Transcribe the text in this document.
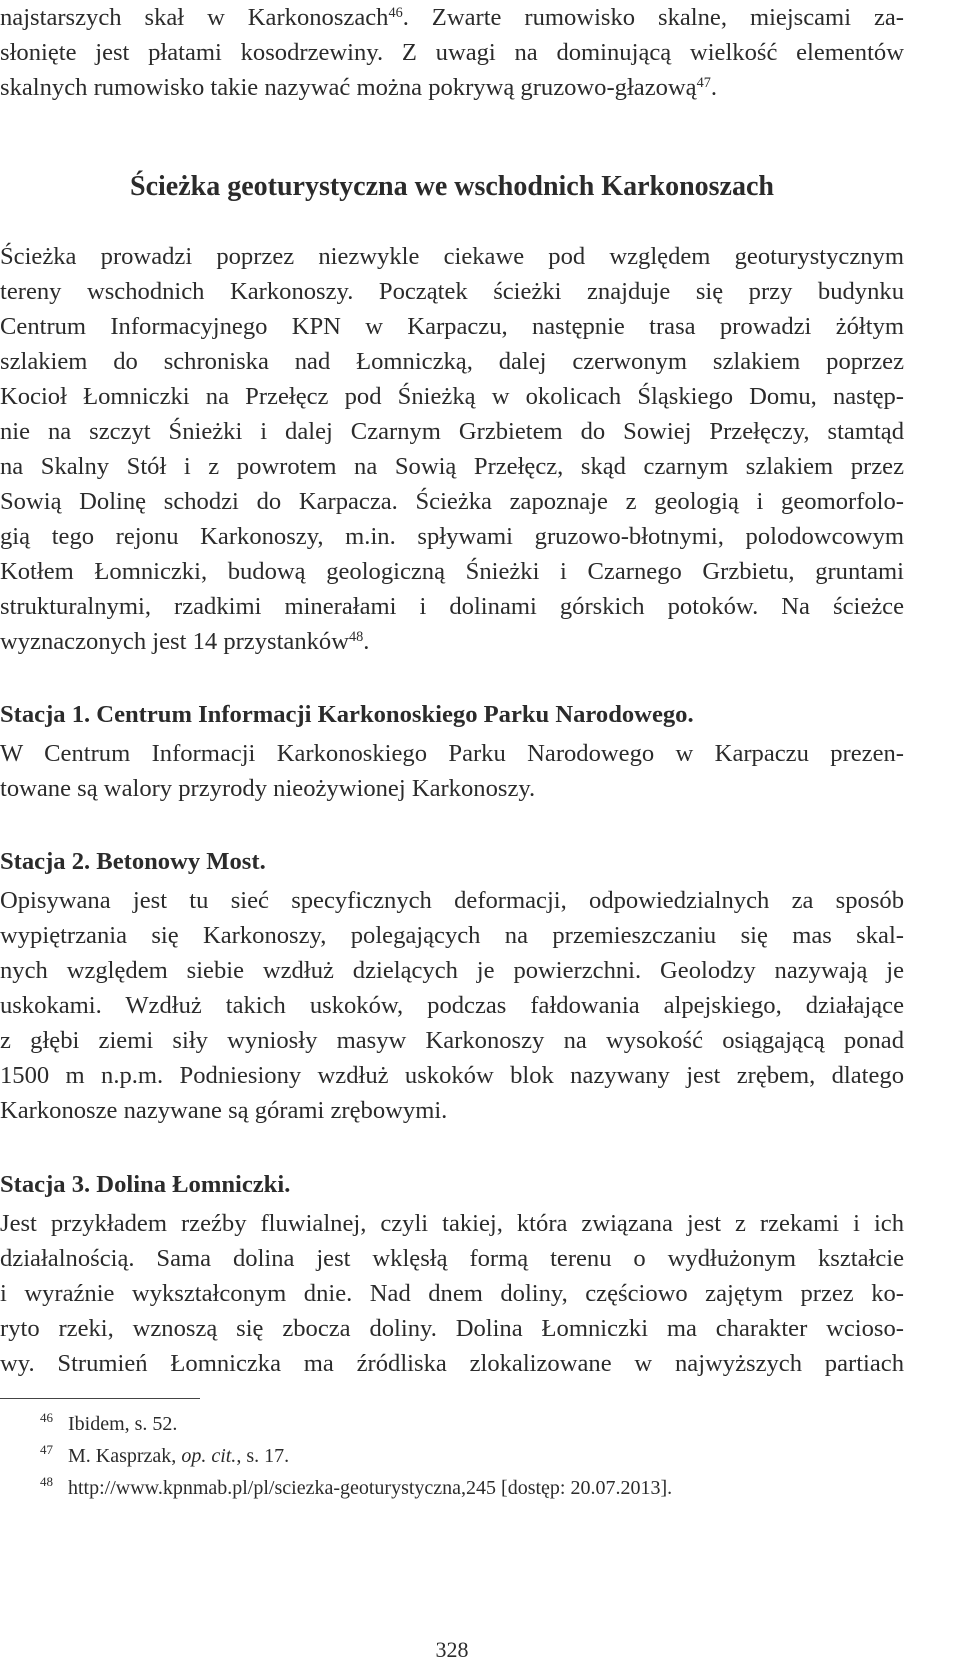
najstarszych skał w Karkonoszach$^{46}$. Zwarte rumowisko skalne, miejscami za-
słonięte jest płatami kosodrzewiny. Z uwagi na dominującą wielkość elementów
skalnych rumowisko takie nazywać można pokrywą gruzowo-głazową$^{47}$.
Ścieżka geoturystyczna we wschodnich Karkonoszach
Ścieżka prowadzi poprzez niezwykle ciekawe pod względem geoturystycznym
tereny wschodnich Karkonoszy. Początek ścieżki znajduje się przy budynku
Centrum Informacyjnego KPN w Karpaczu, następnie trasa prowadzi żółtym
szlakiem do schroniska nad Łomniczką, dalej czerwonym szlakiem poprzez
Kocioł Łomniczki na Przełęcz pod Śnieżką w okolicach Śląskiego Domu, następ-
nie na szczyt Śnieżki i dalej Czarnym Grzbietem do Sowiej Przełęczy, stamtąd
na Skalny Stół i z powrotem na Sowią Przełęcz, skąd czarnym szlakiem przez
Sowią Dolinę schodzi do Karpacza. Ścieżka zapoznaje z geologią i geomorfolo-
gią tego rejonu Karkonoszy, m.in. spływami gruzowo-błotnymi, polodowcowym
Kotłem Łomniczki, budową geologiczną Śnieżki i Czarnego Grzbietu, gruntami
strukturalnymi, rzadkimi minerałami i dolinami górskich potoków. Na ścieżce
wyznaczonych jest 14 przystanków$^{48}$.
Stacja 1. Centrum Informacji Karkonoskiego Parku Narodowego.
W Centrum Informacji Karkonoskiego Parku Narodowego w Karpaczu prezen-
towane są walory przyrody nieożywionej Karkonoszy.
Stacja 2. Betonowy Most.
Opisywana jest tu sieć specyficznych deformacji, odpowiedzialnych za sposób
wypiętrzania się Karkonoszy, polegających na przemieszczaniu się mas skal-
nych względem siebie wzdłuż dzielących je powierzchni. Geolodzy nazywają je
uskokami. Wzdłuż takich uskoków, podczas fałdowania alpejskiego, działające
z głębi ziemi siły wyniosły masyw Karkonoszy na wysokość osiągającą ponad
1500 m n.p.m. Podniesiony wzdłuż uskoków blok nazywany jest zrębem, dlatego
Karkonosze nazywane są górami zrębowymi.
Stacja 3. Dolina Łomniczki.
Jest przykładem rzeźby fluwialnej, czyli takiej, która związana jest z rzekami i ich
działalnością. Sama dolina jest wklęsłą formą terenu o wydłużonym kształcie
i wyraźnie wykształconym dnie. Nad dnem doliny, częściowo zajętym przez ko-
ryto rzeki, wznoszą się zbocza doliny. Dolina Łomniczki ma charakter wcioso-
wy. Strumień Łomniczka ma źródliska zlokalizowane w najwyższych partiach
46 Ibidem, s. 52.
47 M. Kasprzak, op. cit., s. 17.
48 http://www.kpnmab.pl/pl/sciezka-geoturystyczna,245 [dostęp: 20.07.2013].
328
